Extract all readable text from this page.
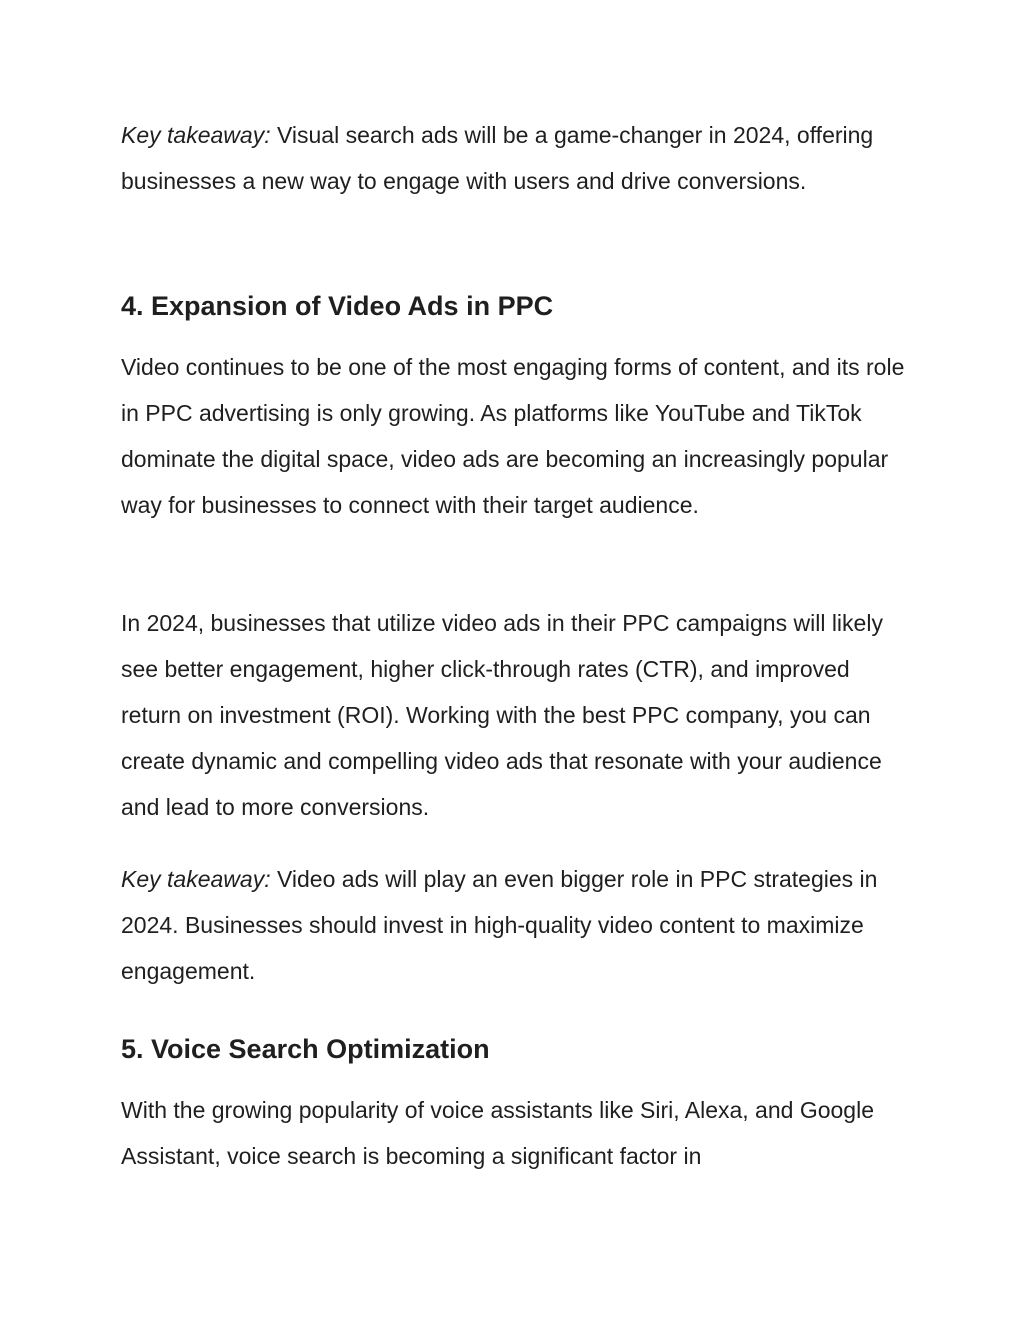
Key takeaway: Visual search ads will be a game-changer in 2024, offering businesses a new way to engage with users and drive conversions.

4. Expansion of Video Ads in PPC

Video continues to be one of the most engaging forms of content, and its role in PPC advertising is only growing. As platforms like YouTube and TikTok dominate the digital space, video ads are becoming an increasingly popular way for businesses to connect with their target audience.

In 2024, businesses that utilize video ads in their PPC campaigns will likely see better engagement, higher click-through rates (CTR), and improved return on investment (ROI). Working with the best PPC company, you can create dynamic and compelling video ads that resonate with your audience and lead to more conversions.

Key takeaway: Video ads will play an even bigger role in PPC strategies in 2024. Businesses should invest in high-quality video content to maximize engagement.

5. Voice Search Optimization

With the growing popularity of voice assistants like Siri, Alexa, and Google Assistant, voice search is becoming a significant factor in
